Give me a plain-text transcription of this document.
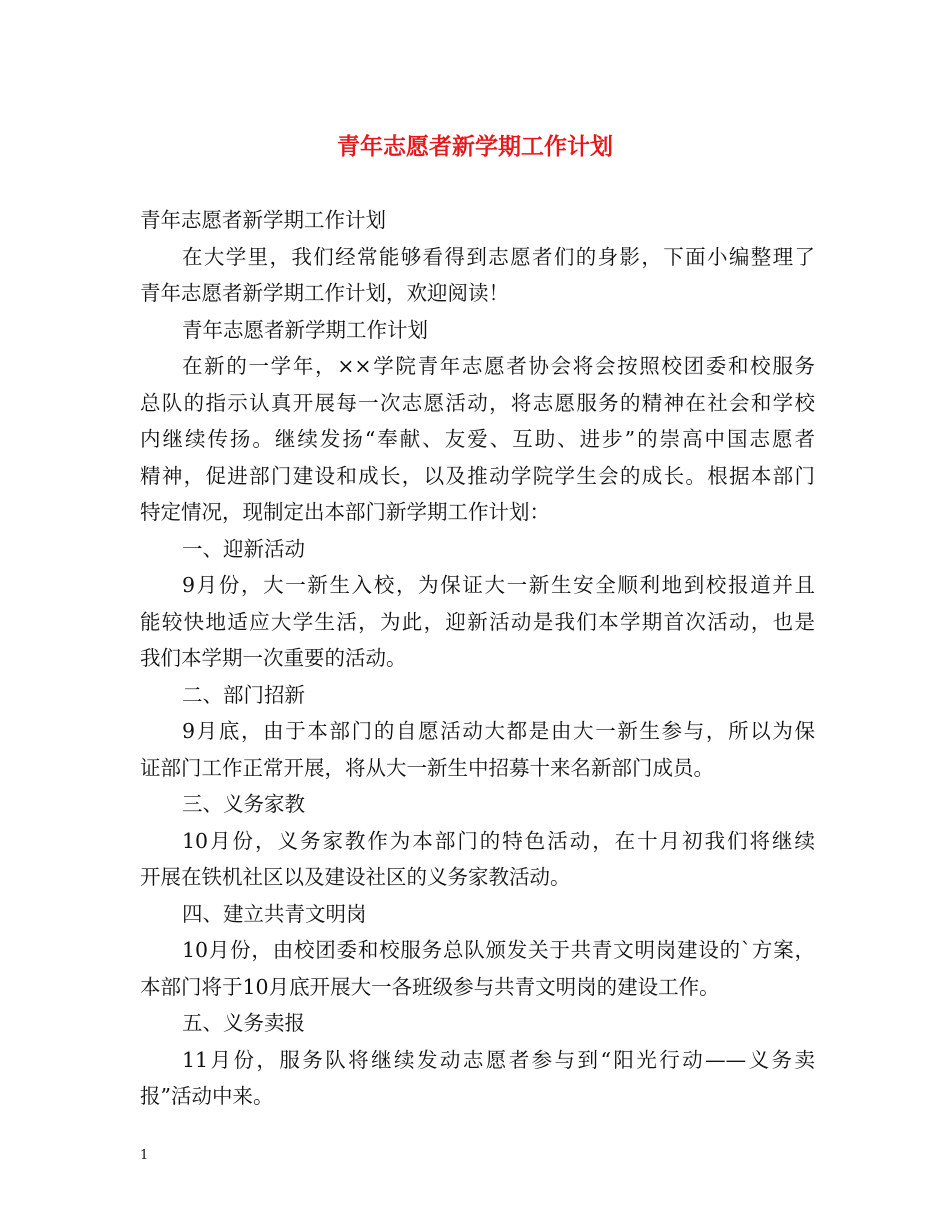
青年志愿者新学期工作计划

青年志愿者新学期工作计划

在大学里，我们经常能够看得到志愿者们的身影，下面小编整理了

青年志愿者新学期工作计划，欢迎阅读！

青年志愿者新学期工作计划

在新的一学年，××学院青年志愿者协会将会按照校团委和校服务

总队的指示认真开展每一次志愿活动，将志愿服务的精神在社会和学校

内继续传扬。继续发扬“奉献、友爱、互助、进步”的崇高中国志愿者

精神，促进部门建设和成长，以及推动学院学生会的成长。根据本部门

特定情况，现制定出本部门新学期工作计划：

一、迎新活动

9月份，大一新生入校，为保证大一新生安全顺利地到校报道并且

能较快地适应大学生活，为此，迎新活动是我们本学期首次活动，也是

我们本学期一次重要的活动。

二、部门招新

9月底，由于本部门的自愿活动大都是由大一新生参与，所以为保

证部门工作正常开展，将从大一新生中招募十来名新部门成员。

三、义务家教

10月份，义务家教作为本部门的特色活动，在十月初我们将继续

开展在铁机社区以及建设社区的义务家教活动。

四、建立共青文明岗

10月份，由校团委和校服务总队颁发关于共青文明岗建设的`方案，

本部门将于10月底开展大一各班级参与共青文明岗的建设工作。

五、义务卖报

11月份，服务队将继续发动志愿者参与到“阳光行动——义务卖

报”活动中来。

1
